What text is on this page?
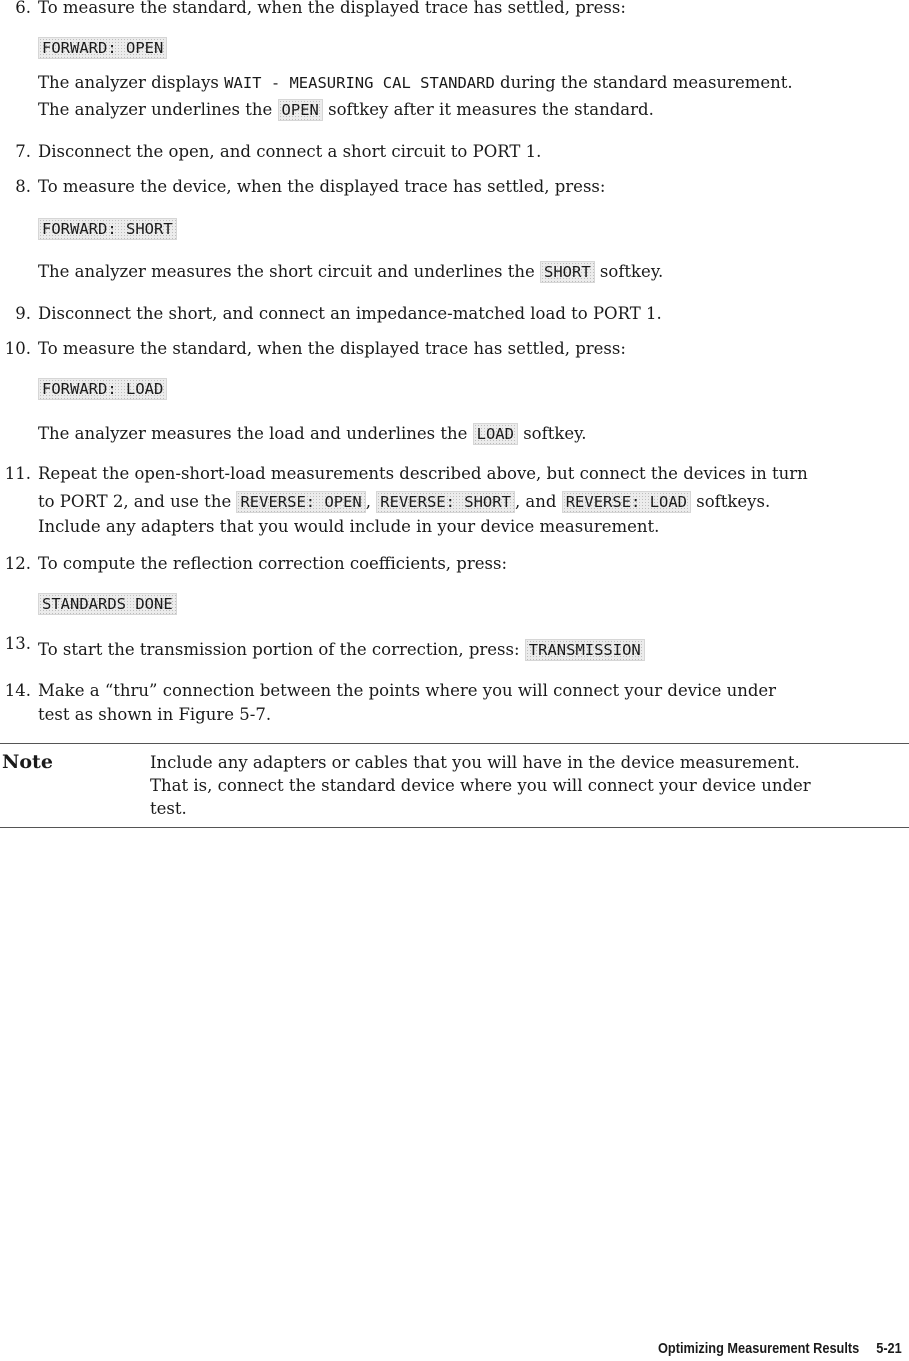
6. To measure the standard, when the displayed trace has settled, press:
FORWARD: OPEN
The analyzer displays WAIT - MEASURING CAL STANDARD during the standard measurement.
The analyzer underlines the OPEN softkey after it measures the standard.
7. Disconnect the open, and connect a short circuit to PORT 1.
8. To measure the device, when the displayed trace has settled, press:
FORWARD: SHORT
The analyzer measures the short circuit and underlines the SHORT softkey.
9. Disconnect the short, and connect an impedance-matched load to PORT 1.
10. To measure the standard, when the displayed trace has settled, press:
FORWARD: LOAD
The analyzer measures the load and underlines the LOAD softkey.
11. Repeat the open-short-load measurements described above, but connect the devices in turn
to PORT 2, and use the REVERSE: OPEN , REVERSE: SHORT , and REVERSE: LOAD softkeys.
Include any adapters that you would include in your device measurement.
12. To compute the reflection correction coefficients, press:
STANDARDS DONE
13. To start the transmission portion of the correction, press: TRANSMISSION
14. Make a “thru” connection between the points where you will connect your device under
test as shown in Figure 5-7.
Note	Include any adapters or cables that you will have in the device measurement.
That is, connect the standard device where you will connect your device under
test.
Optimizing Measurement Results 5-21
